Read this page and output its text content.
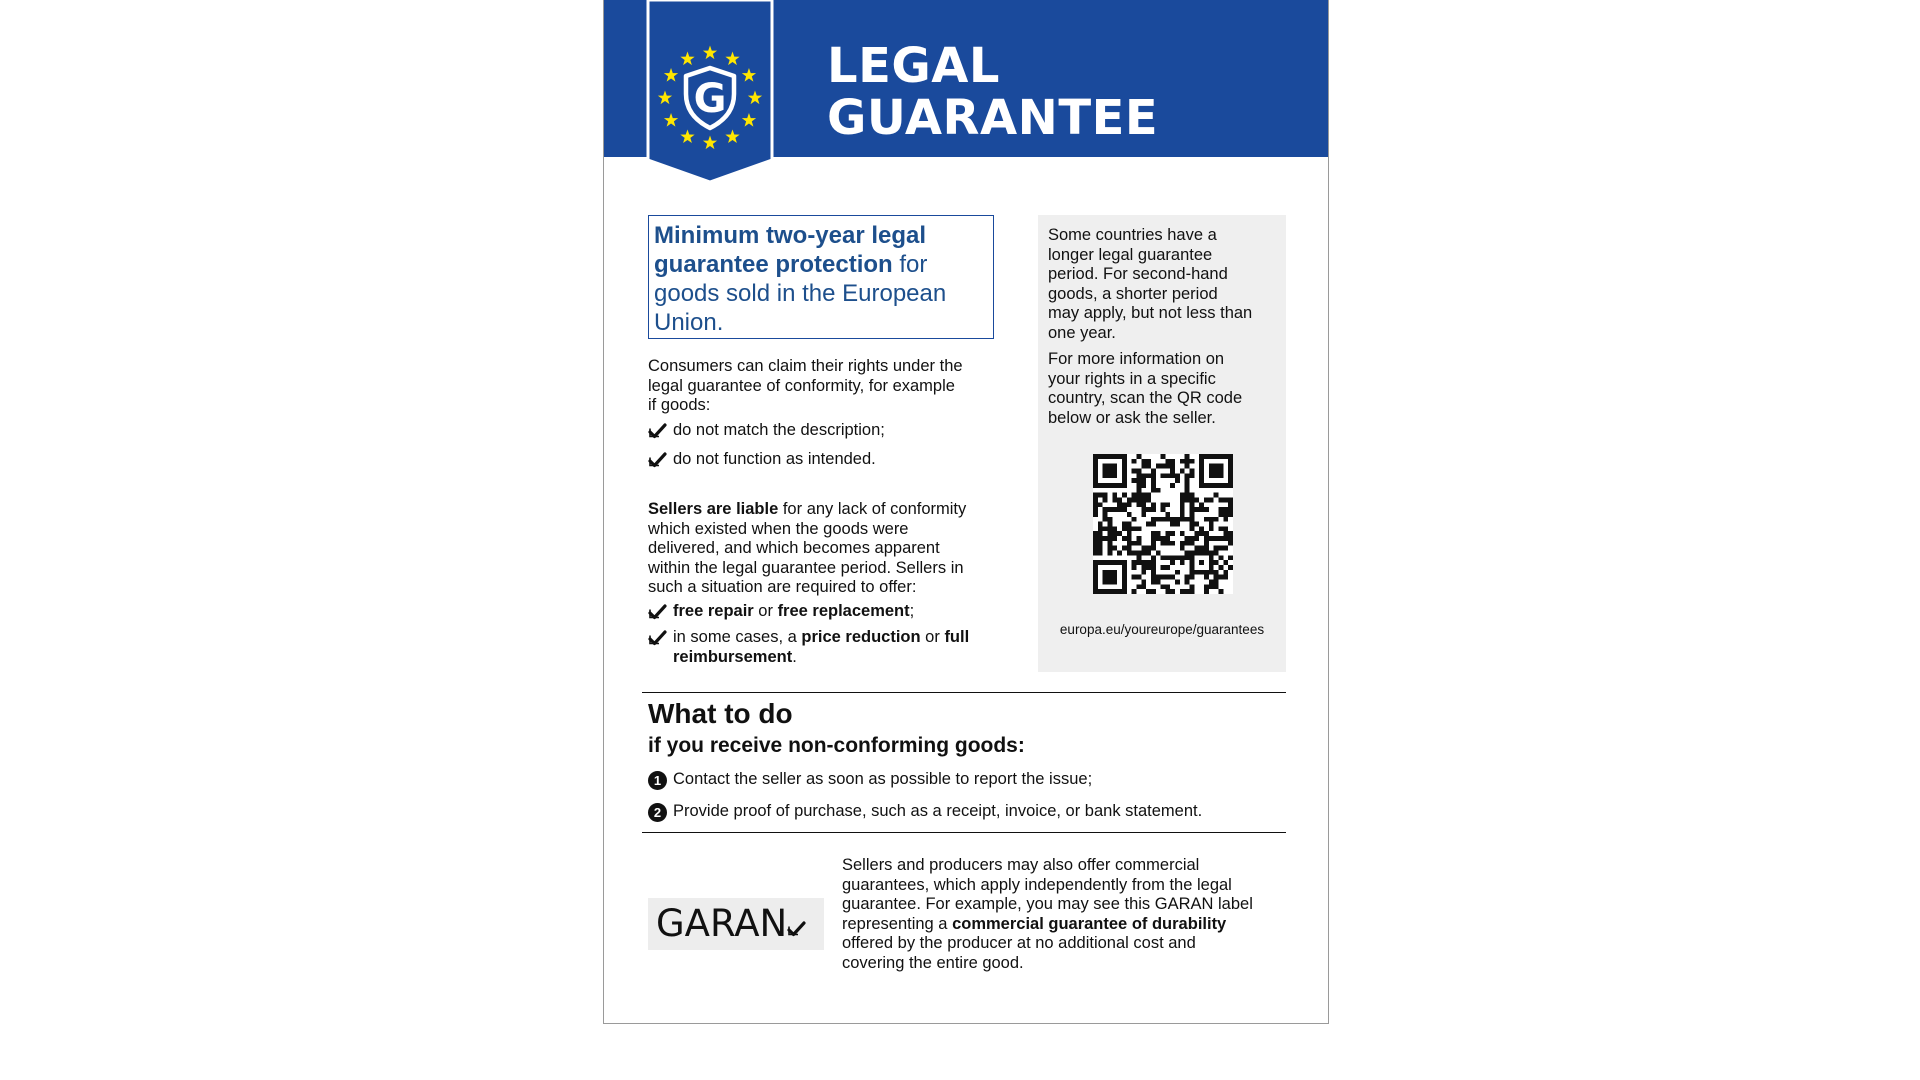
G
LEGAL
GUARANTEE
Minimum two-year legal guarantee protection for goods sold in the European Union.
Consumers can claim their rights under the
legal guarantee of conformity, for example
if goods:
do not match the description;
do not function as intended.
Sellers are liable for any lack of conformity
which existed when the goods were
delivered, and which becomes apparent
within the legal guarantee period. Sellers in
such a situation are required to offer:
free repair or free replacement;
in some cases, a price reduction or full
reimbursement.
Some countries have a
longer legal guarantee
period. For second-hand
goods, a shorter period
may apply, but not less than
one year.
For more information on
your rights in a specific
country, scan the QR code
below or ask the seller.
europa.eu/youreurope/guarantees
What to do
if you receive non-conforming goods:
1 Contact the seller as soon as possible to report the issue;
2 Provide proof of purchase, such as a receipt, invoice, or bank statement.
GARAN
Sellers and producers may also offer commercial
guarantees, which apply independently from the legal
guarantee. For example, you may see this GARAN label
representing a commercial guarantee of durability
offered by the producer at no additional cost and
covering the entire good.
